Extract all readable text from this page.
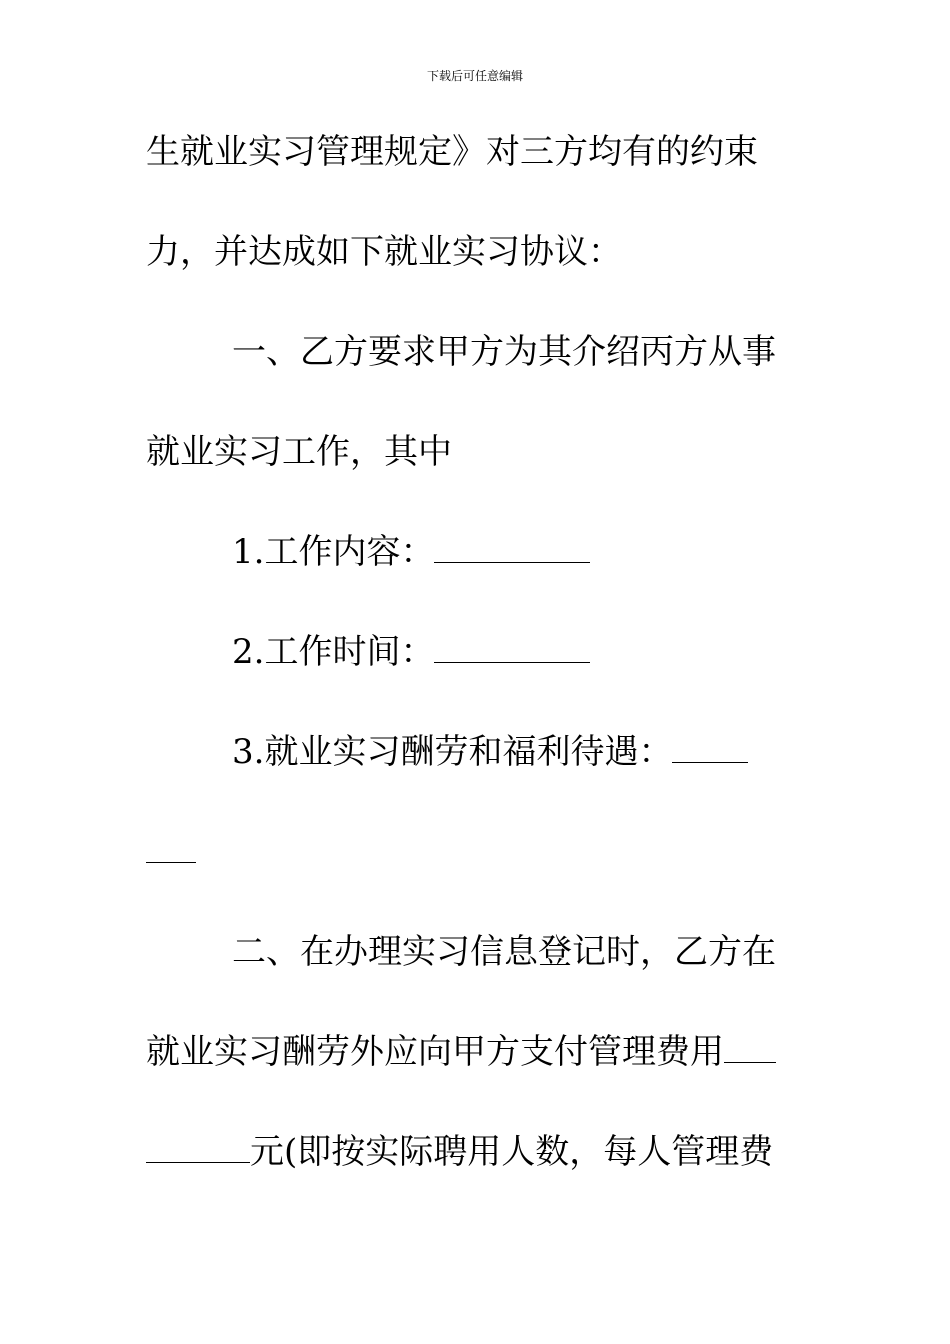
下载后可任意编辑
生就业实习管理规定》对三方均有的约束
力，并达成如下就业实习协议：
一、乙方要求甲方为其介绍丙方从事
就业实习工作，其中
1.工作内容：
2.工作时间：
3.就业实习酬劳和福利待遇：
二、在办理实习信息登记时，乙方在
就业实习酬劳外应向甲方支付管理费用
元(即按实际聘用人数，每人管理费
